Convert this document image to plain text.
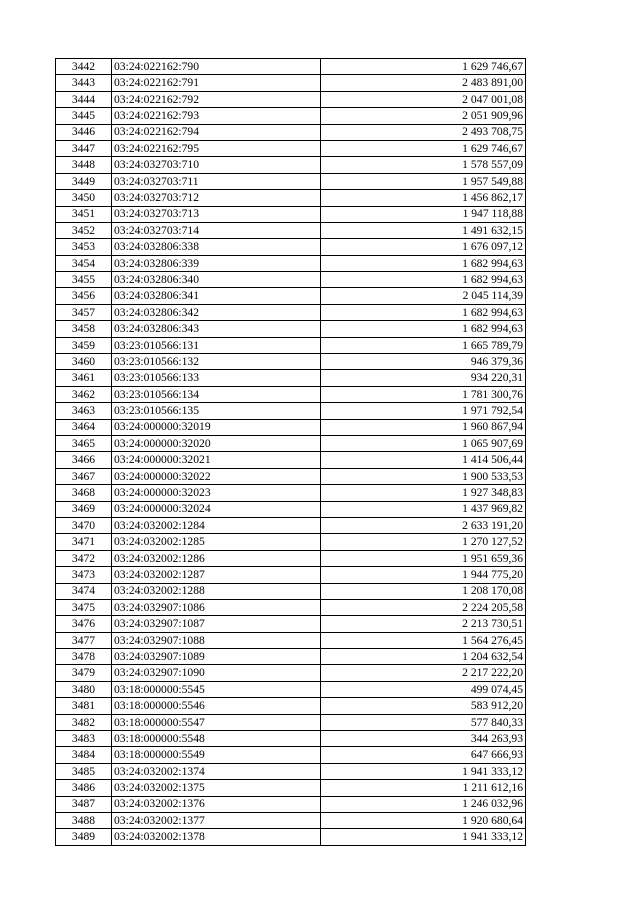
3442	03:24:022162:790	1 629 746,67
3443	03:24:022162:791	2 483 891,00
3444	03:24:022162:792	2 047 001,08
3445	03:24:022162:793	2 051 909,96
3446	03:24:022162:794	2 493 708,75
3447	03:24:022162:795	1 629 746,67
3448	03:24:032703:710	1 578 557,09
3449	03:24:032703:711	1 957 549,88
3450	03:24:032703:712	1 456 862,17
3451	03:24:032703:713	1 947 118,88
3452	03:24:032703:714	1 491 632,15
3453	03:24:032806:338	1 676 097,12
3454	03:24:032806:339	1 682 994,63
3455	03:24:032806:340	1 682 994,63
3456	03:24:032806:341	2 045 114,39
3457	03:24:032806:342	1 682 994,63
3458	03:24:032806:343	1 682 994,63
3459	03:23:010566:131	1 665 789,79
3460	03:23:010566:132	946 379,36
3461	03:23:010566:133	934 220,31
3462	03:23:010566:134	1 781 300,76
3463	03:23:010566:135	1 971 792,54
3464	03:24:000000:32019	1 960 867,94
3465	03:24:000000:32020	1 065 907,69
3466	03:24:000000:32021	1 414 506,44
3467	03:24:000000:32022	1 900 533,53
3468	03:24:000000:32023	1 927 348,83
3469	03:24:000000:32024	1 437 969,82
3470	03:24:032002:1284	2 633 191,20
3471	03:24:032002:1285	1 270 127,52
3472	03:24:032002:1286	1 951 659,36
3473	03:24:032002:1287	1 944 775,20
3474	03:24:032002:1288	1 208 170,08
3475	03:24:032907:1086	2 224 205,58
3476	03:24:032907:1087	2 213 730,51
3477	03:24:032907:1088	1 564 276,45
3478	03:24:032907:1089	1 204 632,54
3479	03:24:032907:1090	2 217 222,20
3480	03:18:000000:5545	499 074,45
3481	03:18:000000:5546	583 912,20
3482	03:18:000000:5547	577 840,33
3483	03:18:000000:5548	344 263,93
3484	03:18:000000:5549	647 666,93
3485	03:24:032002:1374	1 941 333,12
3486	03:24:032002:1375	1 211 612,16
3487	03:24:032002:1376	1 246 032,96
3488	03:24:032002:1377	1 920 680,64
3489	03:24:032002:1378	1 941 333,12
